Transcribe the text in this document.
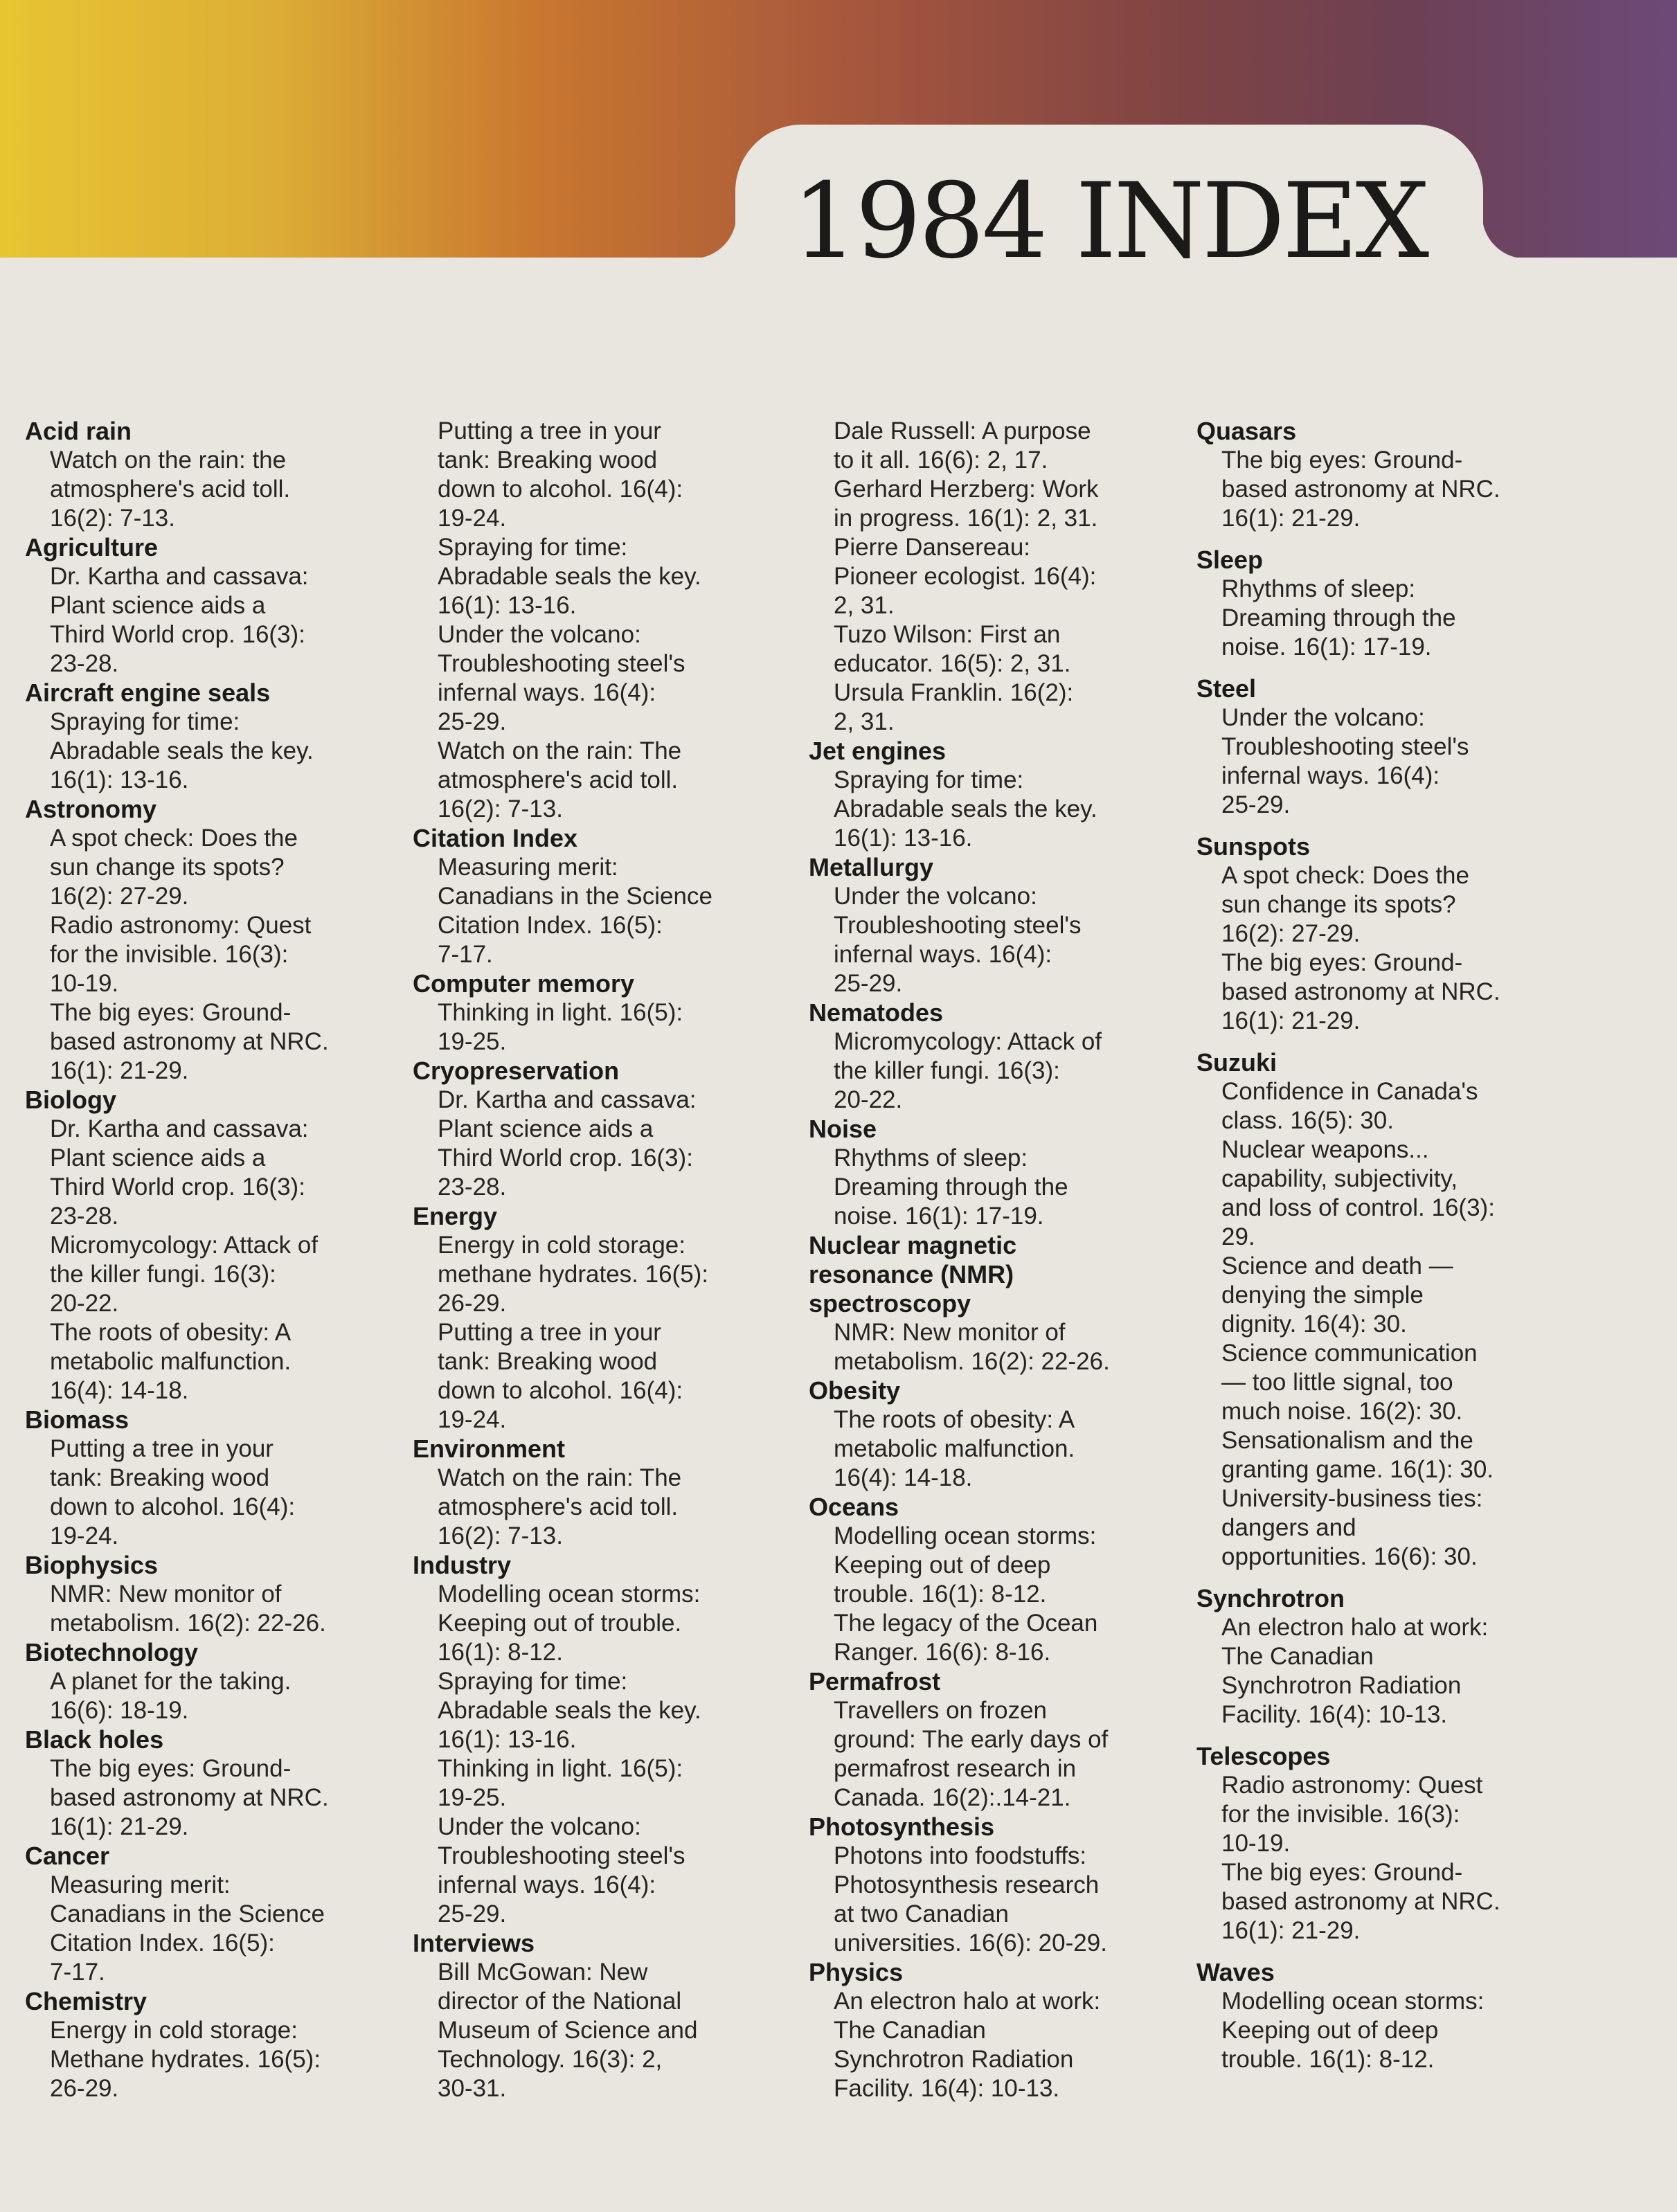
1984 INDEX
Acid rain
Watch on the rain: the
atmosphere's acid toll.
16(2): 7-13.
Agriculture
Dr. Kartha and cassava:
Plant science aids a
Third World crop. 16(3):
23-28.
Aircraft engine seals
Spraying for time:
Abradable seals the key.
16(1): 13-16.
Astronomy
A spot check: Does the
sun change its spots?
16(2): 27-29.
Radio astronomy: Quest
for the invisible. 16(3):
10-19.
The big eyes: Ground-
based astronomy at NRC.
16(1): 21-29.
Biology
Dr. Kartha and cassava:
Plant science aids a
Third World crop. 16(3):
23-28.
Micromycology: Attack of
the killer fungi. 16(3):
20-22.
The roots of obesity: A
metabolic malfunction.
16(4): 14-18.
Biomass
Putting a tree in your
tank: Breaking wood
down to alcohol. 16(4):
19-24.
Biophysics
NMR: New monitor of
metabolism. 16(2): 22-26.
Biotechnology
A planet for the taking.
16(6): 18-19.
Black holes
The big eyes: Ground-
based astronomy at NRC.
16(1): 21-29.
Cancer
Measuring merit:
Canadians in the Science
Citation Index. 16(5):
7-17.
Chemistry
Energy in cold storage:
Methane hydrates. 16(5):
26-29.
Putting a tree in your
tank: Breaking wood
down to alcohol. 16(4):
19-24.
Spraying for time:
Abradable seals the key.
16(1): 13-16.
Under the volcano:
Troubleshooting steel's
infernal ways. 16(4):
25-29.
Watch on the rain: The
atmosphere's acid toll.
16(2): 7-13.
Citation Index
Measuring merit:
Canadians in the Science
Citation Index. 16(5):
7-17.
Computer memory
Thinking in light. 16(5):
19-25.
Cryopreservation
Dr. Kartha and cassava:
Plant science aids a
Third World crop. 16(3):
23-28.
Energy
Energy in cold storage:
methane hydrates. 16(5):
26-29.
Putting a tree in your
tank: Breaking wood
down to alcohol. 16(4):
19-24.
Environment
Watch on the rain: The
atmosphere's acid toll.
16(2): 7-13.
Industry
Modelling ocean storms:
Keeping out of trouble.
16(1): 8-12.
Spraying for time:
Abradable seals the key.
16(1): 13-16.
Thinking in light. 16(5):
19-25.
Under the volcano:
Troubleshooting steel's
infernal ways. 16(4):
25-29.
Interviews
Bill McGowan: New
director of the National
Museum of Science and
Technology. 16(3): 2,
30-31.
Dale Russell: A purpose
to it all. 16(6): 2, 17.
Gerhard Herzberg: Work
in progress. 16(1): 2, 31.
Pierre Dansereau:
Pioneer ecologist. 16(4):
2, 31.
Tuzo Wilson: First an
educator. 16(5): 2, 31.
Ursula Franklin. 16(2):
2, 31.
Jet engines
Spraying for time:
Abradable seals the key.
16(1): 13-16.
Metallurgy
Under the volcano:
Troubleshooting steel's
infernal ways. 16(4):
25-29.
Nematodes
Micromycology: Attack of
the killer fungi. 16(3):
20-22.
Noise
Rhythms of sleep:
Dreaming through the
noise. 16(1): 17-19.
Nuclear magnetic
resonance (NMR)
spectroscopy
NMR: New monitor of
metabolism. 16(2): 22-26.
Obesity
The roots of obesity: A
metabolic malfunction.
16(4): 14-18.
Oceans
Modelling ocean storms:
Keeping out of deep
trouble. 16(1): 8-12.
The legacy of the Ocean
Ranger. 16(6): 8-16.
Permafrost
Travellers on frozen
ground: The early days of
permafrost research in
Canada. 16(2):.14-21.
Photosynthesis
Photons into foodstuffs:
Photosynthesis research
at two Canadian
universities. 16(6): 20-29.
Physics
An electron halo at work:
The Canadian
Synchrotron Radiation
Facility. 16(4): 10-13.
Quasars
The big eyes: Ground-
based astronomy at NRC.
16(1): 21-29.
Sleep
Rhythms of sleep:
Dreaming through the
noise. 16(1): 17-19.
Steel
Under the volcano:
Troubleshooting steel's
infernal ways. 16(4):
25-29.
Sunspots
A spot check: Does the
sun change its spots?
16(2): 27-29.
The big eyes: Ground-
based astronomy at NRC.
16(1): 21-29.
Suzuki
Confidence in Canada's
class. 16(5): 30.
Nuclear weapons...
capability, subjectivity,
and loss of control. 16(3):
29.
Science and death —
denying the simple
dignity. 16(4): 30.
Science communication
— too little signal, too
much noise. 16(2): 30.
Sensationalism and the
granting game. 16(1): 30.
University-business ties:
dangers and
opportunities. 16(6): 30.
Synchrotron
An electron halo at work:
The Canadian
Synchrotron Radiation
Facility. 16(4): 10-13.
Telescopes
Radio astronomy: Quest
for the invisible. 16(3):
10-19.
The big eyes: Ground-
based astronomy at NRC.
16(1): 21-29.
Waves
Modelling ocean storms:
Keeping out of deep
trouble. 16(1): 8-12.
